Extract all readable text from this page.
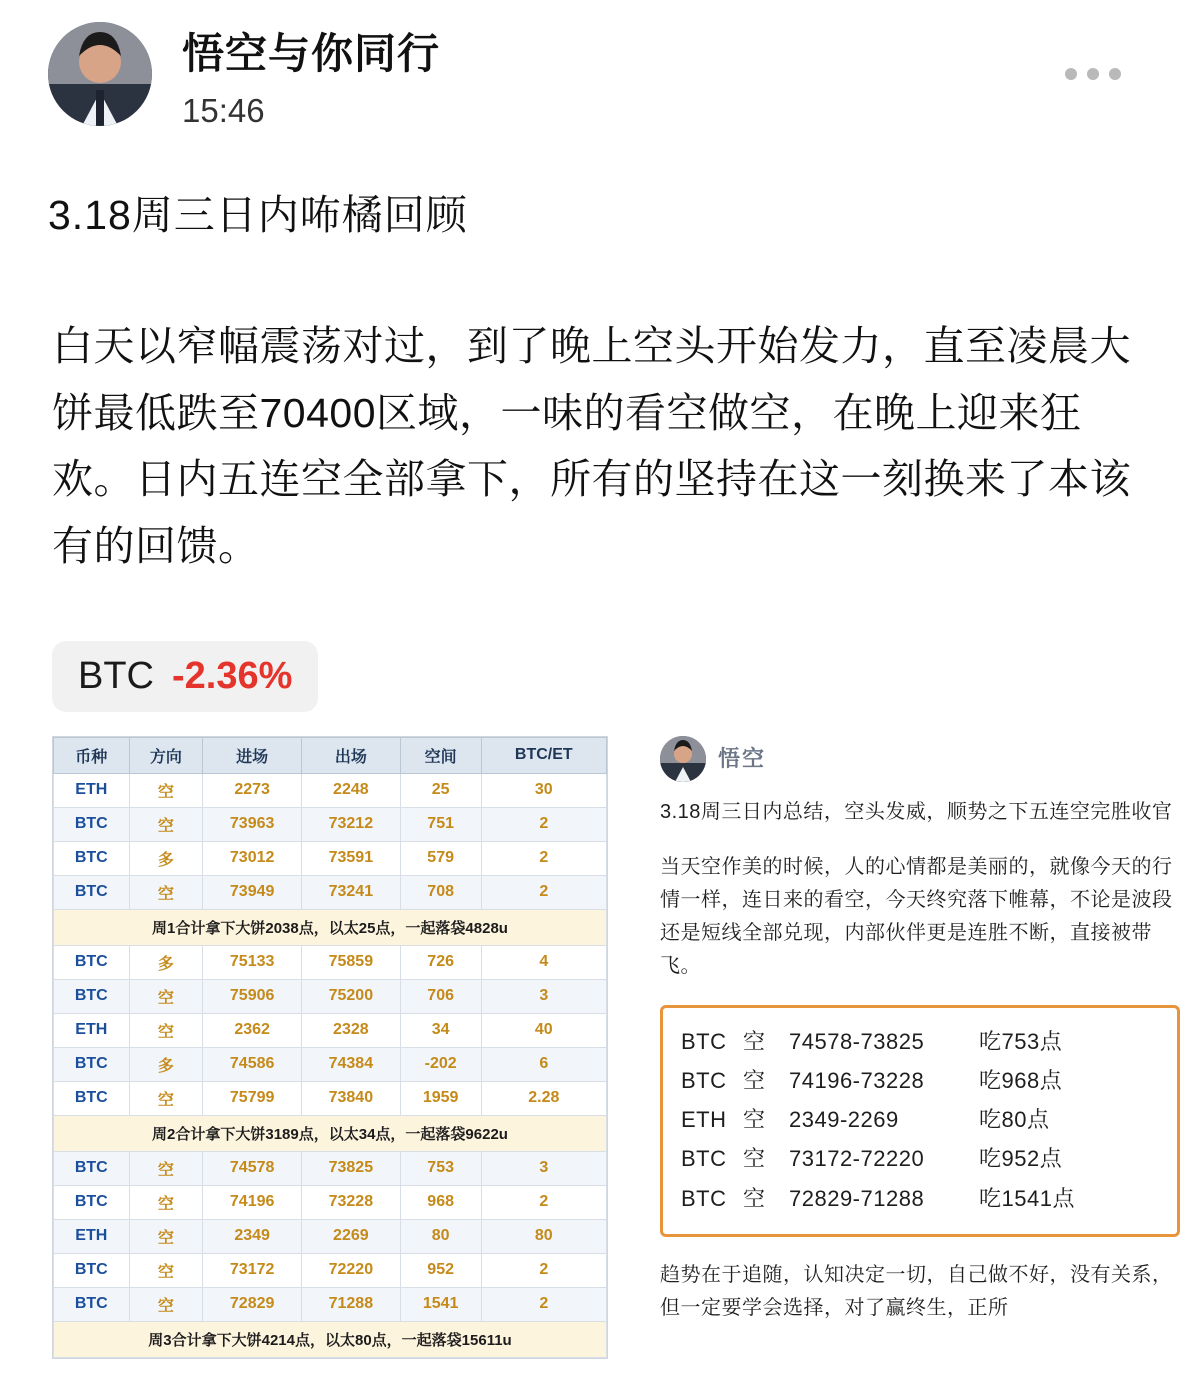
悟空与你同行
15:46
3.18周三日内咘橘回顾
白天以窄幅震荡对过，到了晚上空头开始发力，直至凌晨大饼最低跌至70400区域，一味的看空做空，在晚上迎来狂欢。日内五连空全部拿下，所有的坚持在这一刻换来了本该有的回馈。
BTC -2.36%
币种	方向	进场	出场	空间	BTC/ET
ETH	空	2273	2248	25	30
BTC	空	73963	73212	751	2
BTC	多	73012	73591	579	2
BTC	空	73949	73241	708	2
周1合计拿下大饼2038点，以太25点，一起落袋4828u					
BTC	多	75133	75859	726	4
BTC	空	75906	75200	706	3
ETH	空	2362	2328	34	40
BTC	多	74586	74384	-202	6
BTC	空	75799	73840	1959	2.28
周2合计拿下大饼3189点，以太34点，一起落袋9622u					
BTC	空	74578	73825	753	3
BTC	空	74196	73228	968	2
ETH	空	2349	2269	80	80
BTC	空	73172	72220	952	2
BTC	空	72829	71288	1541	2
周3合计拿下大饼4214点，以太80点，一起落袋15611u					
悟空

3.18周三日内总结，空头发威，顺势之下五连空完胜收官

当天空作美的时候，人的心情都是美丽的，就像今天的行情一样，连日来的看空，今天终究落下帷幕，不论是波段还是短线全部兑现，内部伙伴更是连胜不断，直接被带飞。

BTC 空	74578-73825	吃753点
BTC 空	74196-73228	吃968点
ETH 空	2349-2269	吃80点
BTC 空	73172-72220	吃952点
BTC 空	72829-71288	吃1541点

趋势在于追随，认知决定一切，自己做不好，没有关系，但一定要学会选择，对了赢终生，正所
